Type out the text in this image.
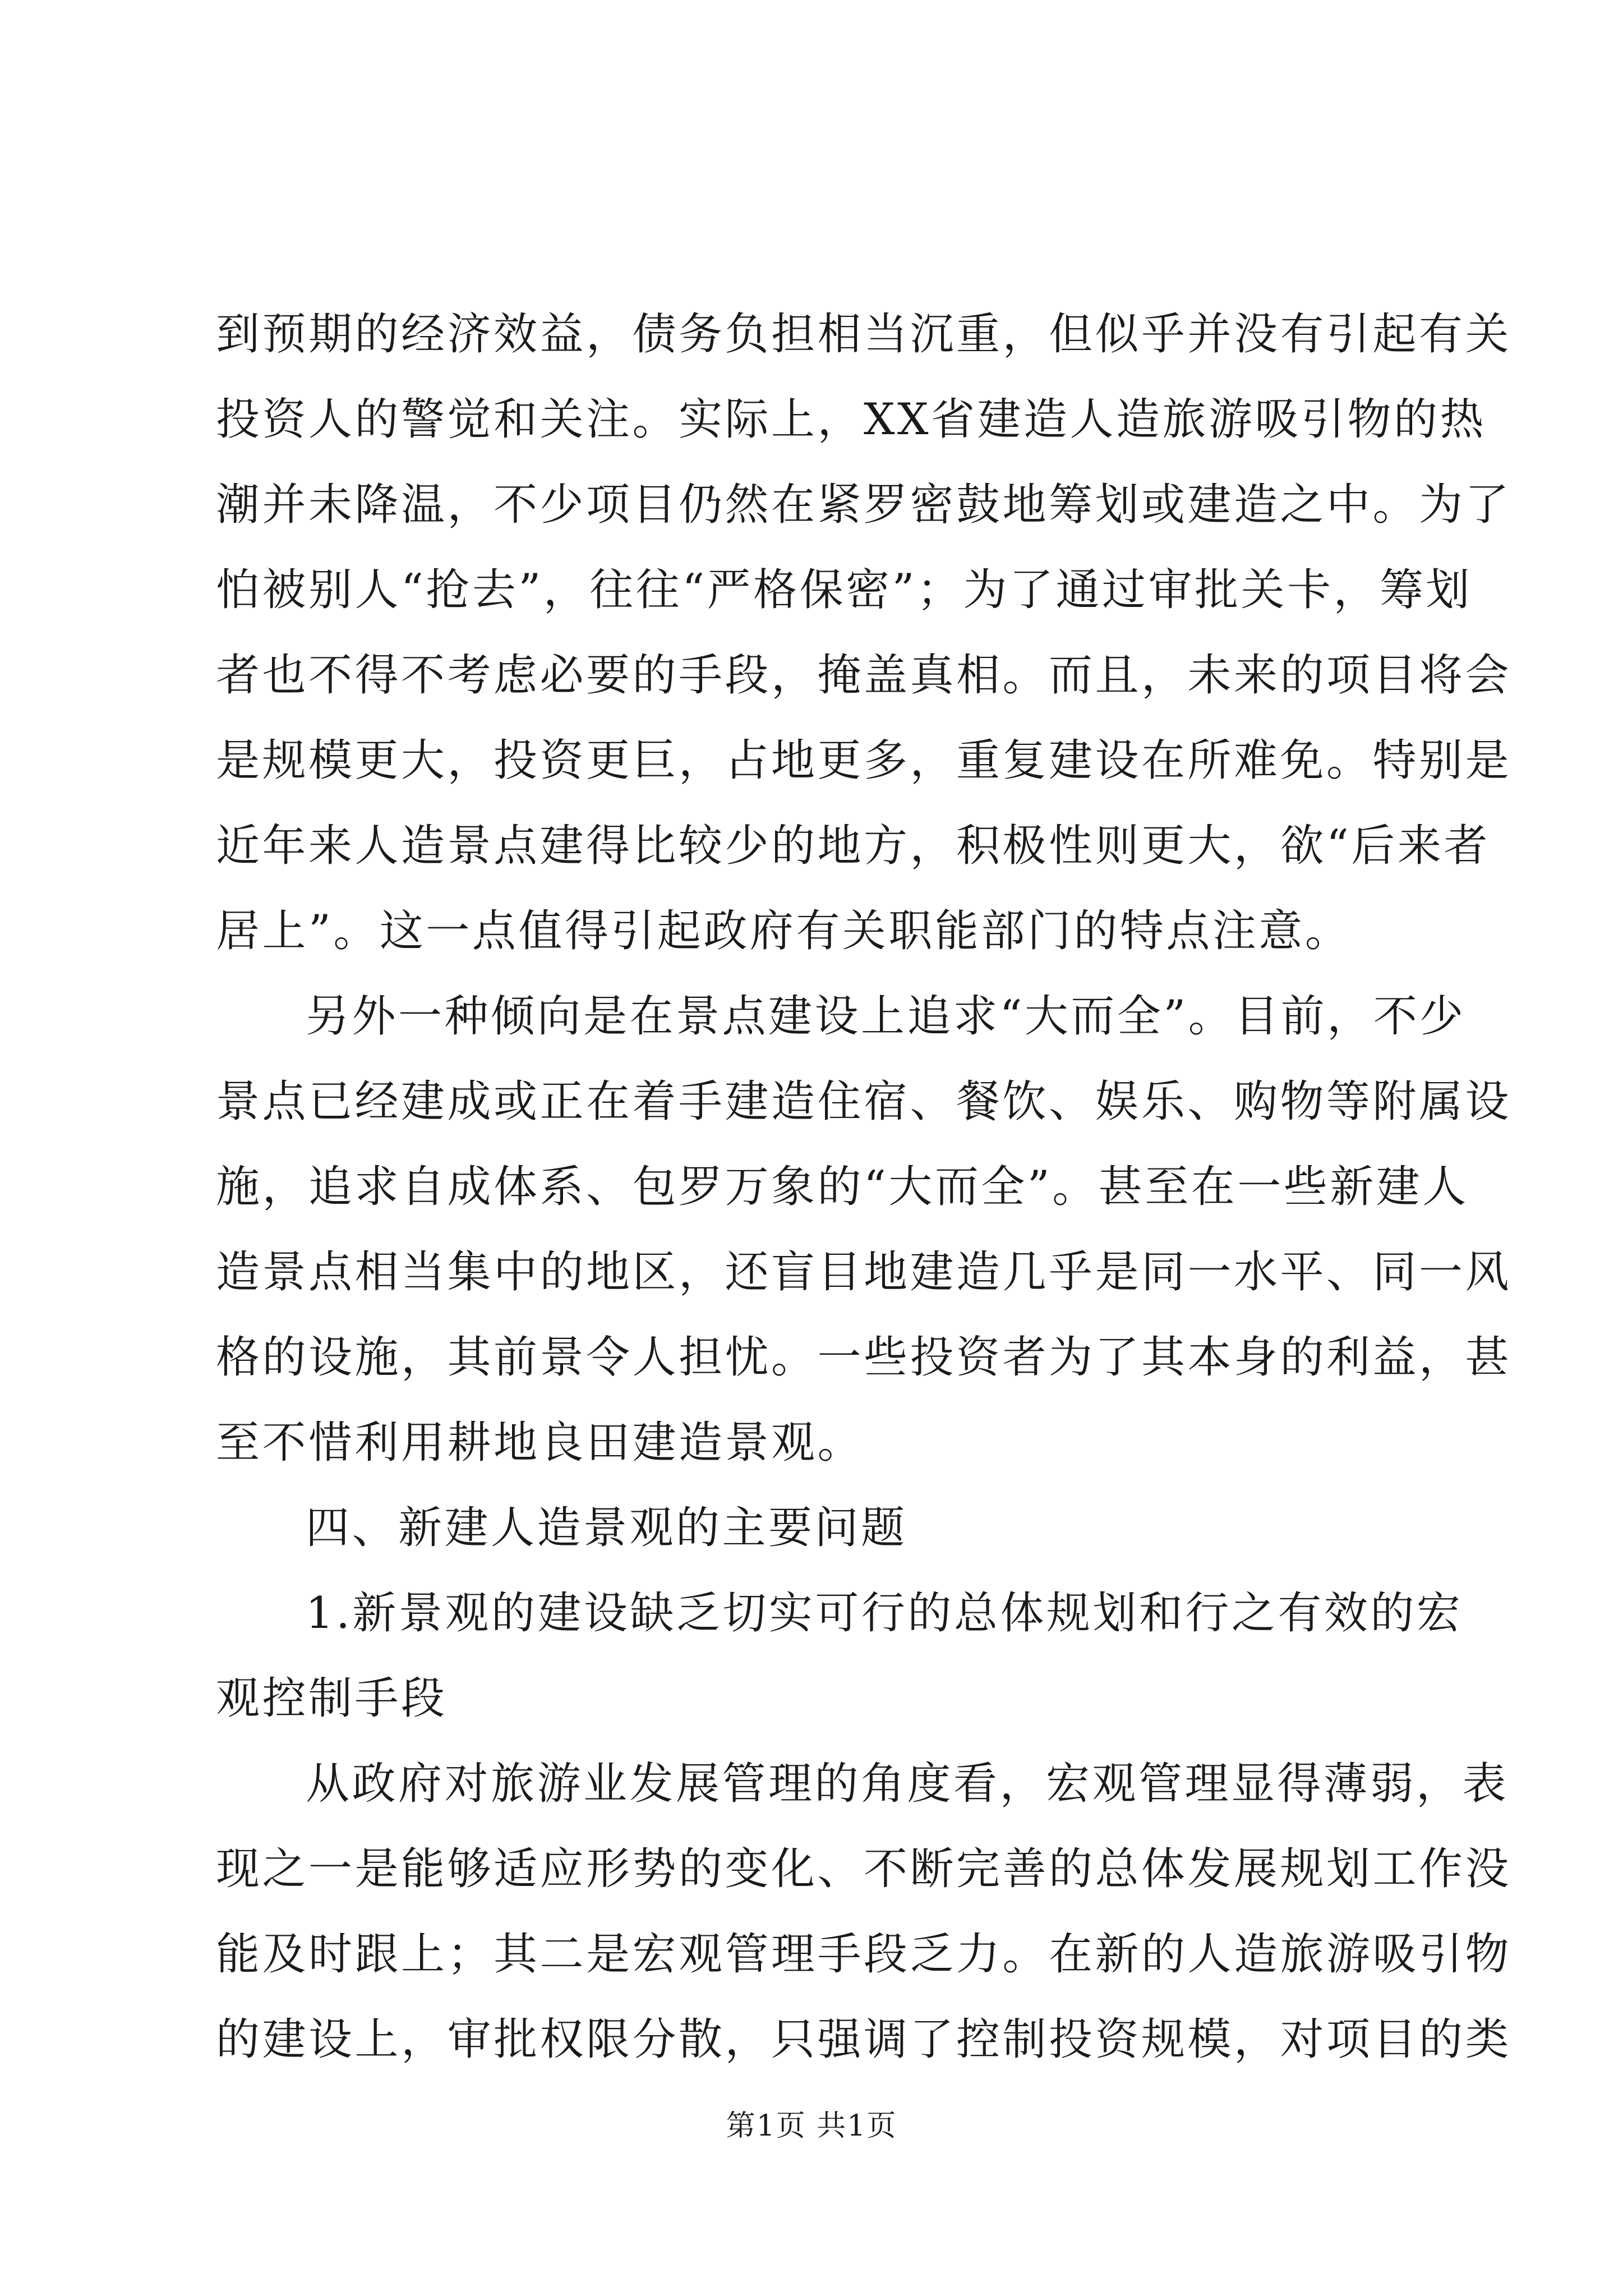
到预期的经济效益，债务负担相当沉重，但似乎并没有引起有关
投资人的警觉和关注。实际上，XX省建造人造旅游吸引物的热
潮并未降温，不少项目仍然在紧罗密鼓地筹划或建造之中。为了
怕被别人“抢去”，往往“严格保密”；为了通过审批关卡，筹划
者也不得不考虑必要的手段，掩盖真相。而且，未来的项目将会
是规模更大，投资更巨，占地更多，重复建设在所难免。特别是
近年来人造景点建得比较少的地方，积极性则更大，欲“后来者
居上”。这一点值得引起政府有关职能部门的特点注意。
另外一种倾向是在景点建设上追求“大而全”。目前，不少
景点已经建成或正在着手建造住宿、餐饮、娱乐、购物等附属设
施，追求自成体系、包罗万象的“大而全”。甚至在一些新建人
造景点相当集中的地区，还盲目地建造几乎是同一水平、同一风
格的设施，其前景令人担忧。一些投资者为了其本身的利益，甚
至不惜利用耕地良田建造景观。
四、新建人造景观的主要问题
1.新景观的建设缺乏切实可行的总体规划和行之有效的宏
观控制手段
从政府对旅游业发展管理的角度看，宏观管理显得薄弱，表
现之一是能够适应形势的变化、不断完善的总体发展规划工作没
能及时跟上；其二是宏观管理手段乏力。在新的人造旅游吸引物
的建设上，审批权限分散，只强调了控制投资规模，对项目的类
第1页 共1页
